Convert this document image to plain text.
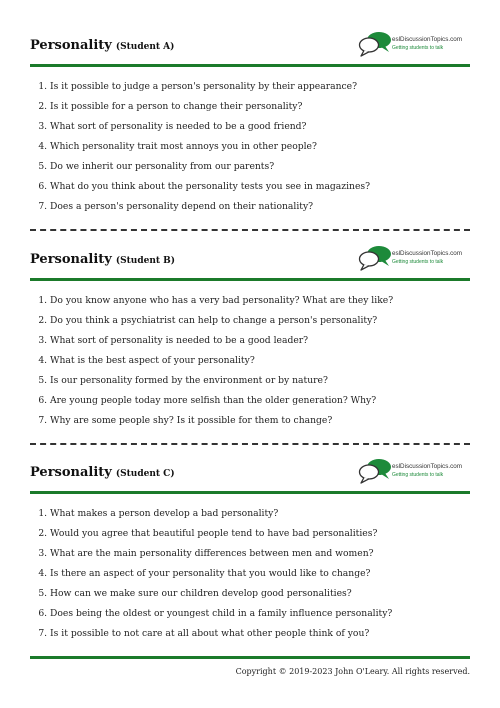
Personality (Student A)
eslDiscussionTopics.com
Getting students to talk
1. Is it possible to judge a person's personality by their appearance?
2. Is it possible for a person to change their personality?
3. What sort of personality is needed to be a good friend?
4. Which personality trait most annoys you in other people?
5. Do we inherit our personality from our parents?
6. What do you think about the personality tests you see in magazines?
7. Does a person's personality depend on their nationality?
Personality (Student B)
eslDiscussionTopics.com
Getting students to talk
1. Do you know anyone who has a very bad personality? What are they like?
2. Do you think a psychiatrist can help to change a person's personality?
3. What sort of personality is needed to be a good leader?
4. What is the best aspect of your personality?
5. Is our personality formed by the environment or by nature?
6. Are young people today more selfish than the older generation? Why?
7. Why are some people shy? Is it possible for them to change?
Personality (Student C)
eslDiscussionTopics.com
Getting students to talk
1. What makes a person develop a bad personality?
2. Would you agree that beautiful people tend to have bad personalities?
3. What are the main personality differences between men and women?
4. Is there an aspect of your personality that you would like to change?
5. How can we make sure our children develop good personalities?
6. Does being the oldest or youngest child in a family influence personality?
7. Is it possible to not care at all about what other people think of you?
Copyright © 2019-2023 John O'Leary. All rights reserved.
